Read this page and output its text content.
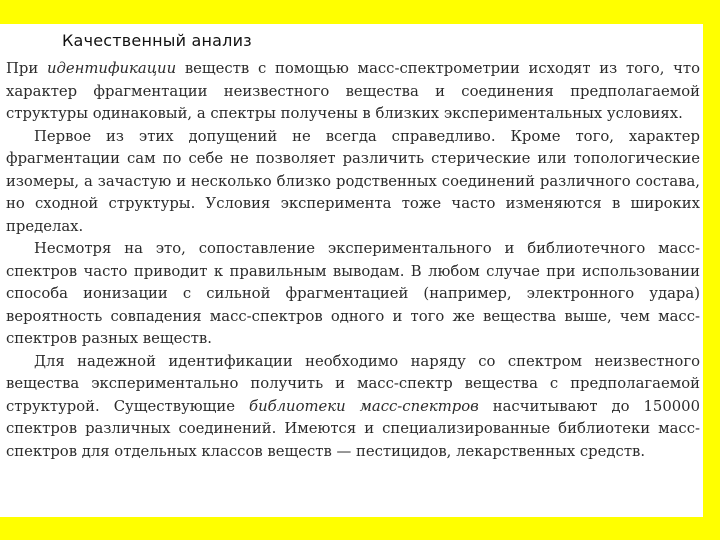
Качественный анализ

При идентификации веществ с помощью масс-спектрометрии исходят из того, что характер фрагментации неизвестного вещества и соединения предполагаемой структуры одинаковый, а спектры получены в близких экспериментальных условиях.

Первое из этих допущений не всегда справедливо. Кроме того, характер фрагментации сам по себе не позволяет различить стерические или топологические изомеры, а зачастую и несколько близко родственных соединений различного состава, но сходной структуры. Условия эксперимента тоже часто изменяются в широких пределах.

Несмотря на это, сопоставление экспериментального и библиотечного масс-спектров часто приводит к правильным выводам. В любом случае при использовании способа ионизации с сильной фрагментацией (например, электронного удара) вероятность совпадения масс-спектров одного и того же вещества выше, чем масс-спектров разных веществ.

Для надежной идентификации необходимо наряду со спектром неизвестного вещества экспериментально получить и масс-спектр вещества с предполагаемой структурой. Существующие библиотеки масс-спектров насчитывают до 150000 спектров различных соединений. Имеются и специализированные библиотеки масс-спектров для отдельных классов веществ — пестицидов, лекарственных средств.
